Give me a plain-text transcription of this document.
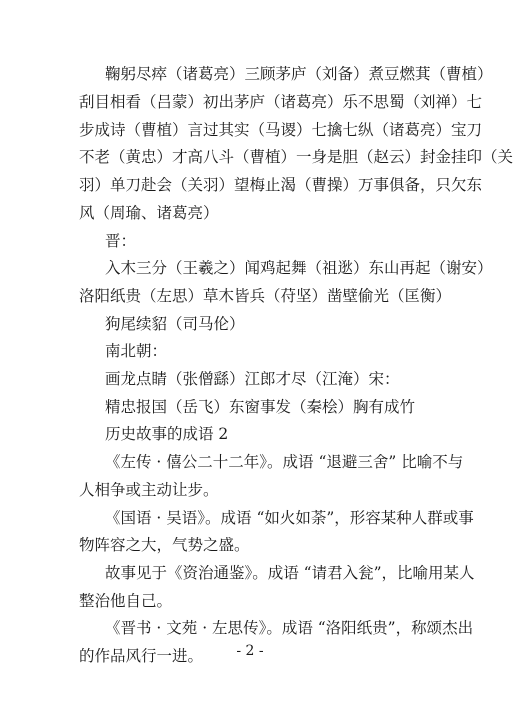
鞠躬尽瘁（诸葛亮）三顾茅庐（刘备）煮豆燃萁（曹植）
刮目相看（吕蒙）初出茅庐（诸葛亮）乐不思蜀（刘禅）七
步成诗（曹植）言过其实（马谡）七擒七纵（诸葛亮）宝刀
不老（黄忠）才高八斗（曹植）一身是胆（赵云）封金挂印（关
羽）单刀赴会（关羽）望梅止渴（曹操）万事俱备，只欠东
风（周瑜、诸葛亮）
晋：
入木三分（王羲之）闻鸡起舞（祖逖）东山再起（谢安）
洛阳纸贵（左思）草木皆兵（苻坚）凿壁偷光（匡衡）
狗尾续貂（司马伦）
南北朝：
画龙点睛（张僧繇）江郎才尽（江淹）宋：
精忠报国（岳飞）东窗事发（秦桧）胸有成竹
历史故事的成语 2
《左传 · 僖公二十二年》。成语 “退避三舍” 比喻不与
人相争或主动让步。
《国语 · 吴语》。成语 “如火如荼”，形容某种人群或事
物阵容之大，气势之盛。
故事见于《资治通鉴》。成语 “请君入瓮”，比喻用某人
整治他自己。
《晋书 · 文苑 · 左思传》。成语 “洛阳纸贵”，称颂杰出
的作品风行一进。	- 2 -
